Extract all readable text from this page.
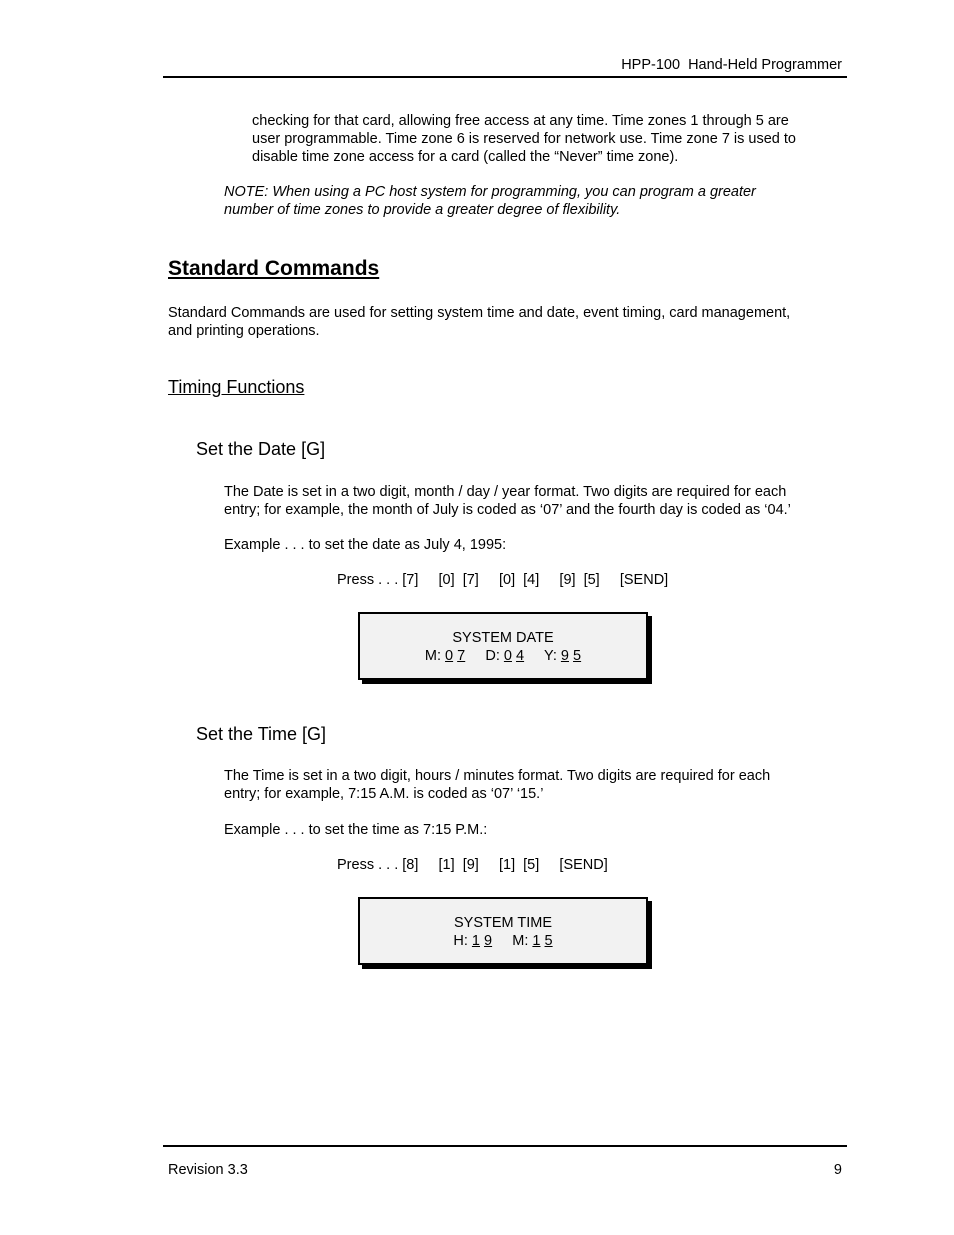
HPP-100  Hand-Held Programmer
checking for that card, allowing free access at any time. Time zones 1 through 5 are
user programmable. Time zone 6 is reserved for network use. Time zone 7 is used to
disable time zone access for a card (called the “Never” time zone).
NOTE: When using a PC host system for programming, you can program a greater
number of time zones to provide a greater degree of flexibility.
Standard Commands
Standard Commands are used for setting system time and date, event timing, card management,
and printing operations.
Timing Functions
Set the Date [G]
The Date is set in a two digit, month / day / year format. Two digits are required for each
entry; for example, the month of July is coded as ‘07’ and the fourth day is coded as ‘04.’
Example . . . to set the date as July 4, 1995:
Press . . . [7]     [0]  [7]     [0]  [4]     [9]  [5]     [SEND]
SYSTEM DATE
M: 0 7 D: 0 4 Y: 9 5
Set the Time [G]
The Time is set in a two digit, hours / minutes format. Two digits are required for each
entry; for example, 7:15 A.M. is coded as ‘07’ ‘15.’
Example . . . to set the time as 7:15 P.M.:
Press . . . [8]     [1]  [9]     [1]  [5]     [SEND]
SYSTEM TIME
H: 1 9 M: 1 5
Revision 3.3	9
